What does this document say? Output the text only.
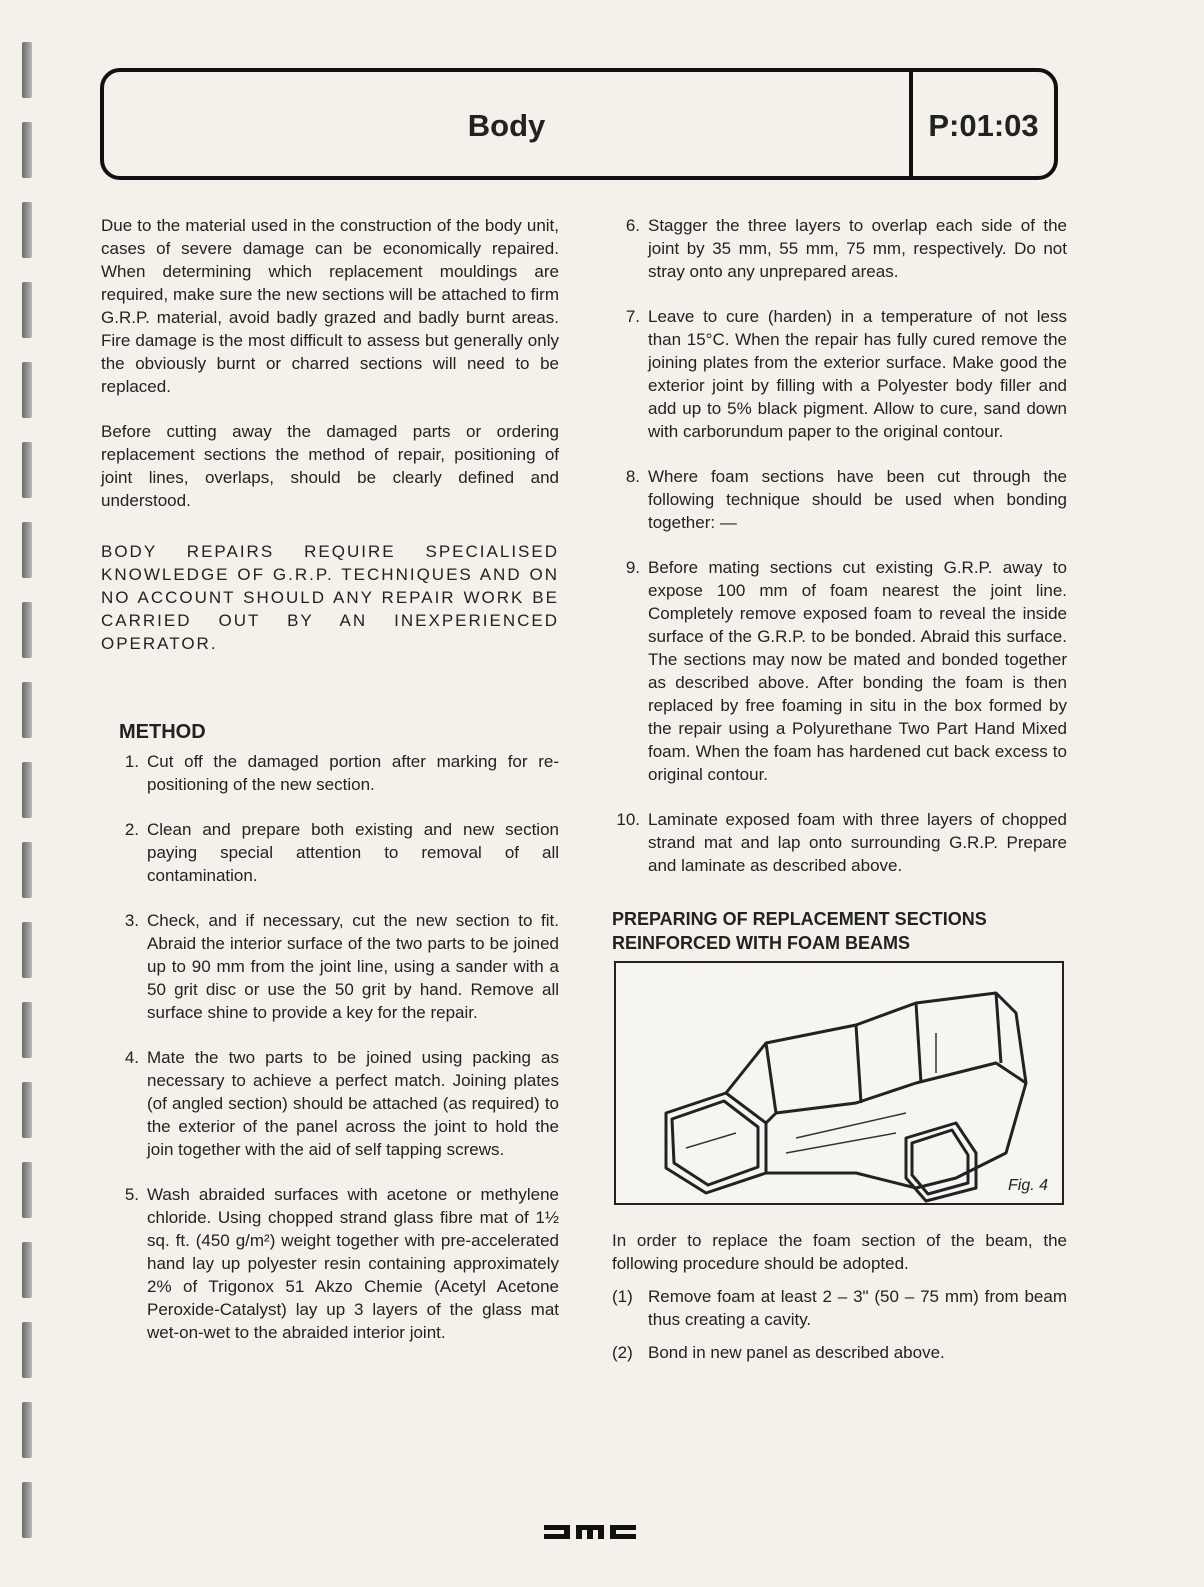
Body	P:01:03

Due to the material used in the construction of the body unit, cases of severe damage can be economically repaired. When determining which replacement mouldings are required, make sure the new sections will be attached to firm G.R.P. material, avoid badly grazed and badly burnt areas. Fire damage is the most difficult to assess but generally only the obviously burnt or charred sections will need to be replaced.

Before cutting away the damaged parts or ordering replacement sections the method of repair, positioning of joint lines, overlaps, should be clearly defined and understood.

BODY REPAIRS REQUIRE SPECIALISED KNOWLEDGE OF G.R.P. TECHNIQUES AND ON NO ACCOUNT SHOULD ANY REPAIR WORK BE CARRIED OUT BY AN INEXPERIENCED OPERATOR.

METHOD
1. Cut off the damaged portion after marking for re-positioning of the new section.
2. Clean and prepare both existing and new section paying special attention to removal of all contamination.
3. Check, and if necessary, cut the new section to fit. Abraid the interior surface of the two parts to be joined up to 90 mm from the joint line, using a sander with a 50 grit disc or use the 50 grit by hand. Remove all surface shine to provide a key for the repair.
4. Mate the two parts to be joined using packing as necessary to achieve a perfect match. Joining plates (of angled section) should be attached (as required) to the exterior of the panel across the joint to hold the join together with the aid of self tapping screws.
5. Wash abraided surfaces with acetone or methylene chloride. Using chopped strand glass fibre mat of 1½ sq. ft. (450 g/m²) weight together with pre-accelerated hand lay up polyester resin containing approximately 2% of Trigonox 51 Akzo Chemie (Acetyl Acetone Peroxide-Catalyst) lay up 3 layers of the glass mat wet-on-wet to the abraided interior joint.
6. Stagger the three layers to overlap each side of the joint by 35 mm, 55 mm, 75 mm, respectively. Do not stray onto any unprepared areas.
7. Leave to cure (harden) in a temperature of not less than 15°C. When the repair has fully cured remove the joining plates from the exterior surface. Make good the exterior joint by filling with a Polyester body filler and add up to 5% black pigment. Allow to cure, sand down with carborundum paper to the original contour.
8. Where foam sections have been cut through the following technique should be used when bonding together: —
9. Before mating sections cut existing G.R.P. away to expose 100 mm of foam nearest the joint line. Completely remove exposed foam to reveal the inside surface of the G.R.P. to be bonded. Abraid this surface. The sections may now be mated and bonded together as described above. After bonding the foam is then replaced by free foaming in situ in the box formed by the repair using a Polyurethane Two Part Hand Mixed foam. When the foam has hardened cut back excess to original contour.
10. Laminate exposed foam with three layers of chopped strand mat and lap onto surrounding G.R.P. Prepare and laminate as described above.
PREPARING OF REPLACEMENT SECTIONS REINFORCED WITH FOAM BEAMS
Fig. 4

In order to replace the foam section of the beam, the following procedure should be adopted.

(1) Remove foam at least 2 – 3" (50 – 75 mm) from beam thus creating a cavity.
(2) Bond in new panel as described above.
